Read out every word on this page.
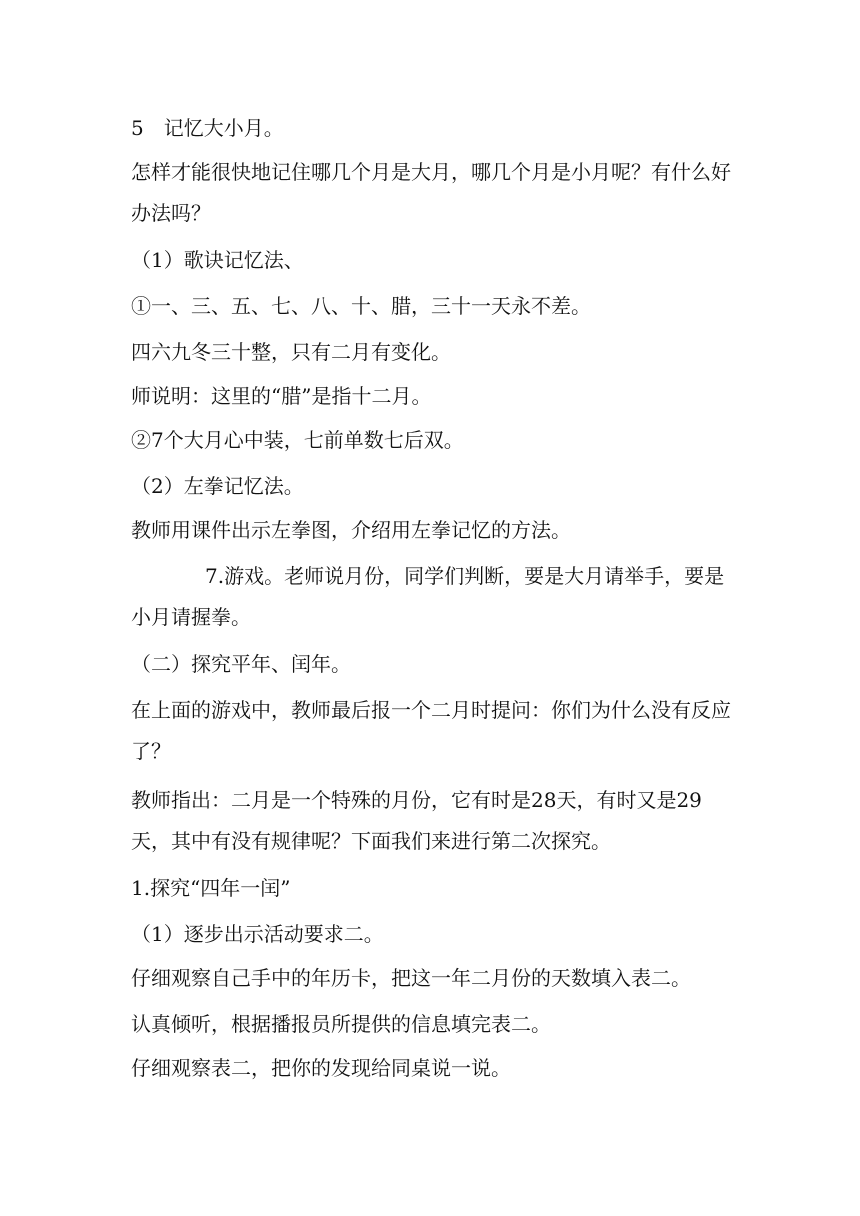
5　记忆大小月。

怎样才能很快地记住哪几个月是大月，哪几个月是小月呢？有什么好办法吗？

（1）歌诀记忆法、

①一、三、五、七、八、十、腊，三十一天永不差。

四六九冬三十整，只有二月有变化。

师说明：这里的“腊”是指十二月。

②7个大月心中装，七前单数七后双。

（2）左拳记忆法。

教师用课件出示左拳图，介绍用左拳记忆的方法。

7.游戏。老师说月份，同学们判断，要是大月请举手，要是小月请握拳。

（二）探究平年、闰年。

在上面的游戏中，教师最后报一个二月时提问：你们为什么没有反应了？

教师指出：二月是一个特殊的月份，它有时是28天，有时又是29天，其中有没有规律呢？下面我们来进行第二次探究。

1.探究“四年一闰”

（1）逐步出示活动要求二。

仔细观察自己手中的年历卡，把这一年二月份的天数填入表二。

认真倾听，根据播报员所提供的信息填完表二。

仔细观察表二，把你的发现给同桌说一说。
